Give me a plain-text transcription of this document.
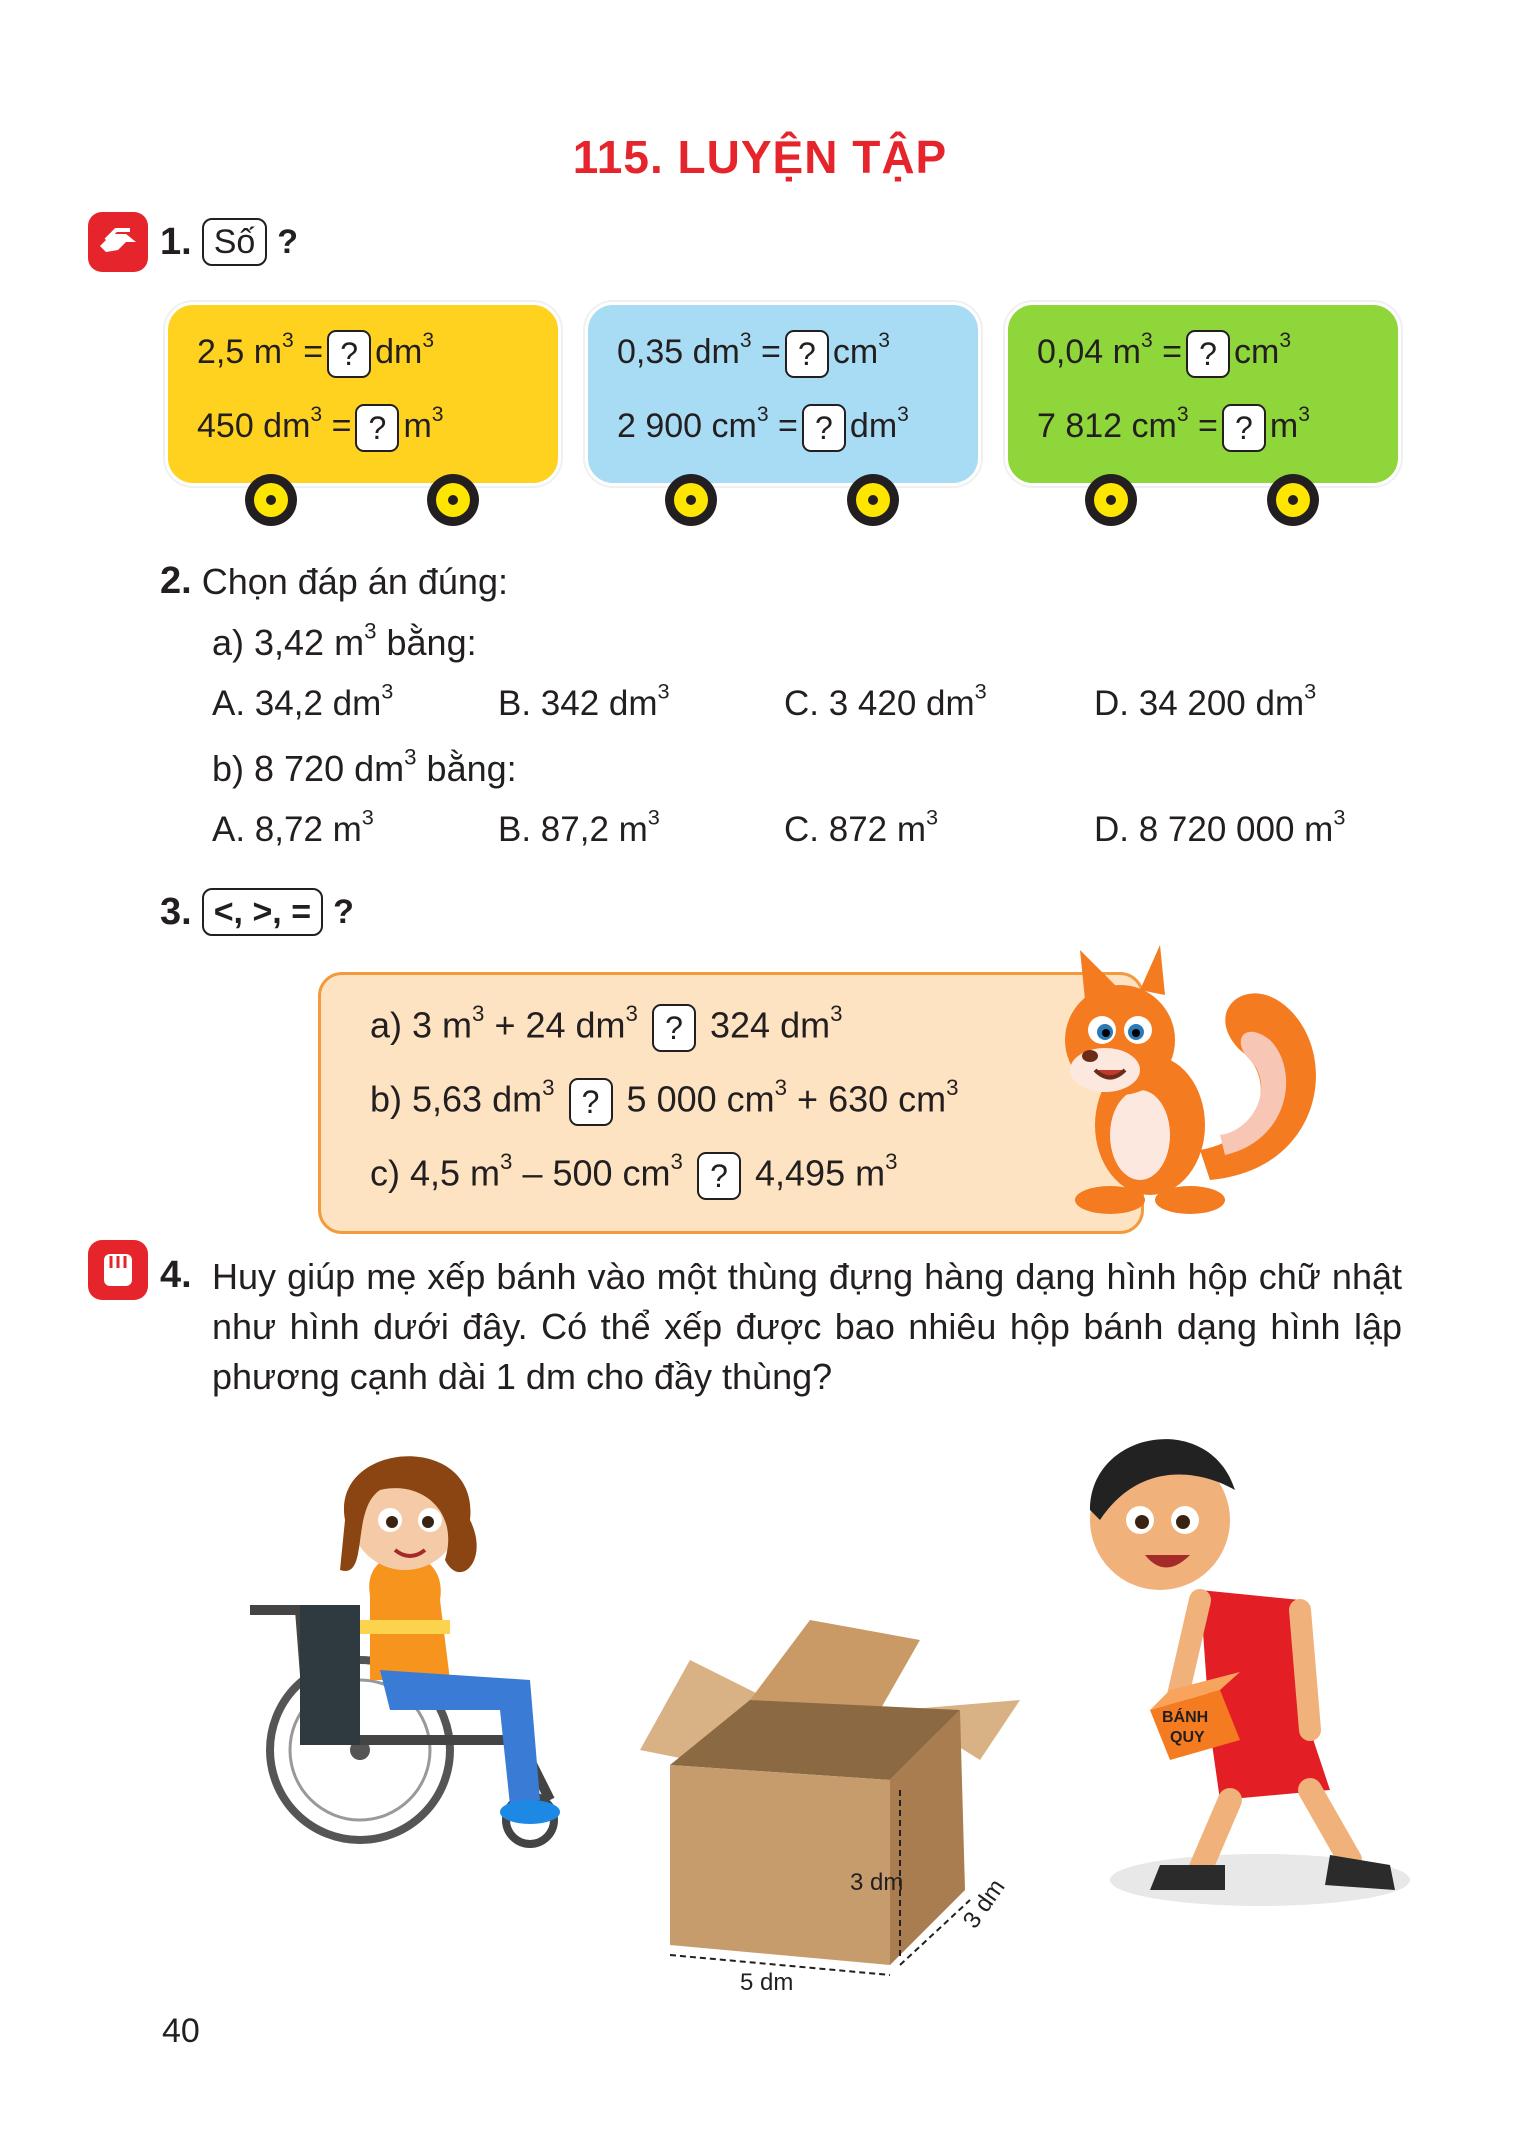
115. LUYỆN TẬP
1. Số ?
2,5 $m^3$ = ? $dm^3$
450 $dm^3$ = ? $m^3$
0,35 $dm^3$ = ? $cm^3$
2 900 $cm^3$ = ? $dm^3$
0,04 $m^3$ = ? $cm^3$
7 812 $cm^3$ = ? $m^3$
2. Chọn đáp án đúng:
a) 3,42 $m^3$ bằng:
A. 34,2 $dm^3$	B. 342 $dm^3$	C. 3 420 $dm^3$	D. 34 200 $dm^3$
b) 8 720 $dm^3$ bằng:
A. 8,72 $m^3$	B. 87,2 $m^3$	C. 872 $m^3$	D. 8 720 000 $m^3$
3. <, >, = ?
a) 3 $m^3 + 24$ $dm^3$ ? 324 $dm^3$
b) 5,63 $dm^3$ ? 5 000 $cm^3 + 630$ $cm^3$
c) 4,5 $m^3 - 500$ $cm^3$ ? 4,495 $m^3$
4. Huy giúp mẹ xếp bánh vào một thùng đựng hàng dạng hình hộp chữ nhật như hình dưới đây. Có thể xếp được bao nhiêu hộp bánh dạng hình lập phương cạnh dài 1 dm cho đầy thùng?
3 dm
5 dm
3 dm
BÁNH
QUY
40
